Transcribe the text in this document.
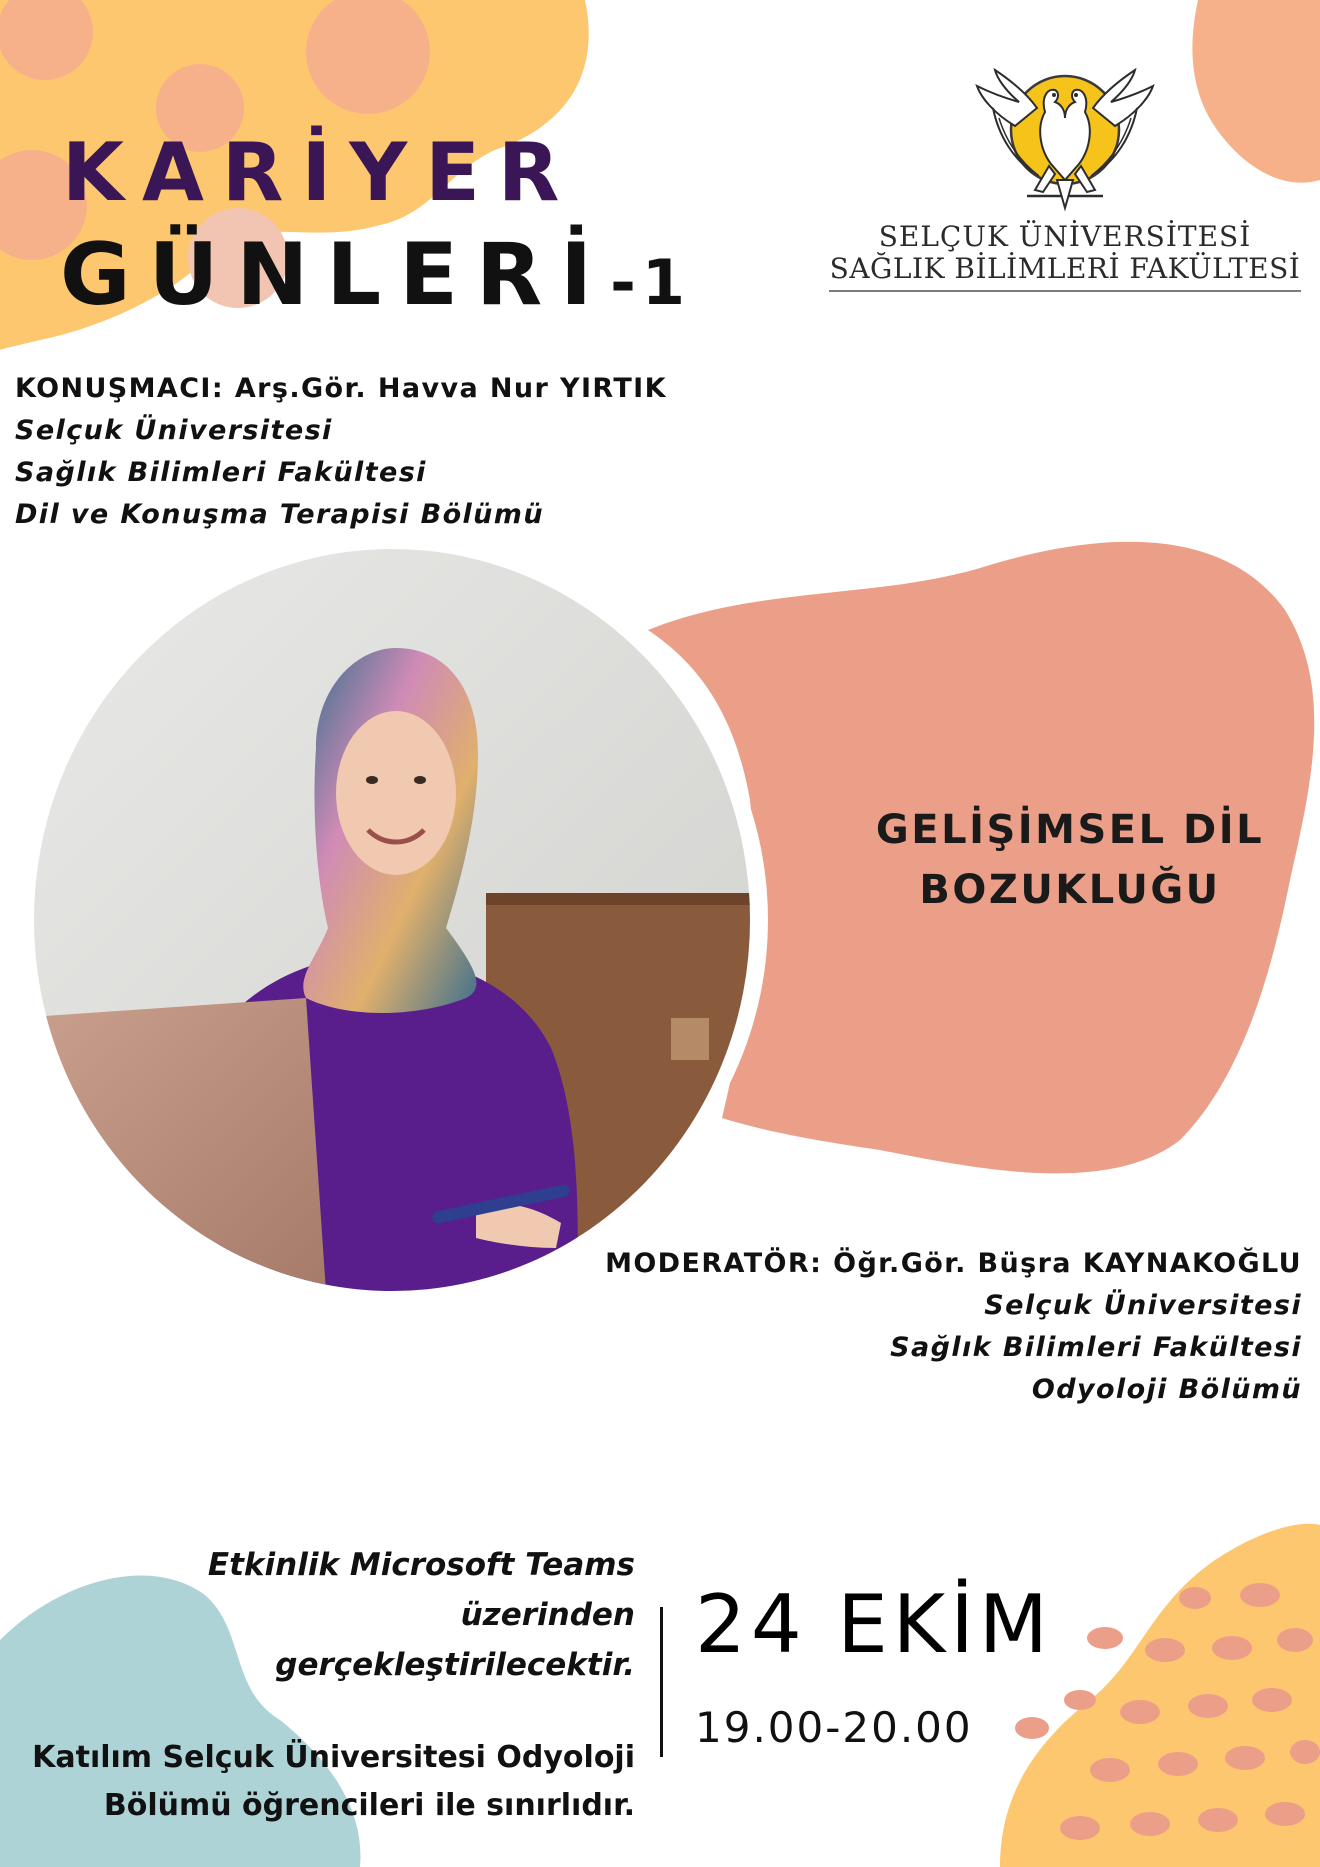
KARİYER
GÜNLERİ-1
SELÇUK ÜNİVERSİTESİ
SAĞLIK BİLİMLERİ FAKÜLTESİ

KONUŞMACI: Arş.Gör. Havva Nur YIRTIK

Selçuk Üniversitesi

Sağlık Bilimleri Fakültesi

Dil ve Konuşma Terapisi Bölümü

GELİŞİMSEL DİL

BOZUKLUĞU

MODERATÖR: Öğr.Gör. Büşra KAYNAKOĞLU

Selçuk Üniversitesi

Sağlık Bilimleri Fakültesi

Odyoloji Bölümü

Etkinlik Microsoft Teams üzerinden
gerçekleştirilecektir.

Katılım Selçuk Üniversitesi Odyoloji
Bölümü öğrencileri ile sınırlıdır.

24 EKİM

19.00-20.00
